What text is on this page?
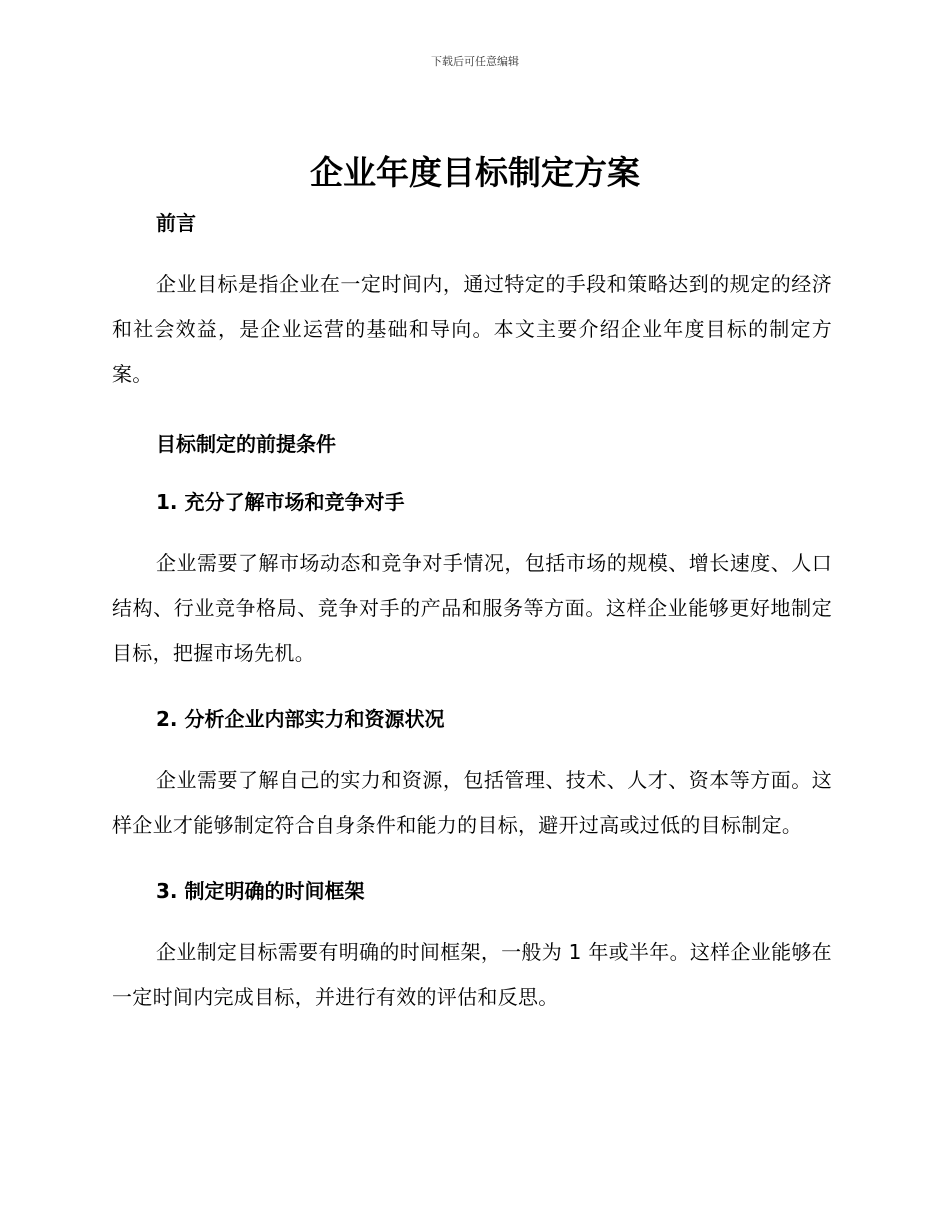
下载后可任意编辑
企业年度目标制定方案
前言

企业目标是指企业在一定时间内，通过特定的手段和策略达到的规定的经济和社会效益，是企业运营的基础和导向。本文主要介绍企业年度目标的制定方案。

目标制定的前提条件
1. 充分了解市场和竞争对手

企业需要了解市场动态和竞争对手情况，包括市场的规模、增长速度、人口结构、行业竞争格局、竞争对手的产品和服务等方面。这样企业能够更好地制定目标，把握市场先机。

2. 分析企业内部实力和资源状况

企业需要了解自己的实力和资源，包括管理、技术、人才、资本等方面。这样企业才能够制定符合自身条件和能力的目标，避开过高或过低的目标制定。

3. 制定明确的时间框架

企业制定目标需要有明确的时间框架，一般为 1 年或半年。这样企业能够在一定时间内完成目标，并进行有效的评估和反思。
